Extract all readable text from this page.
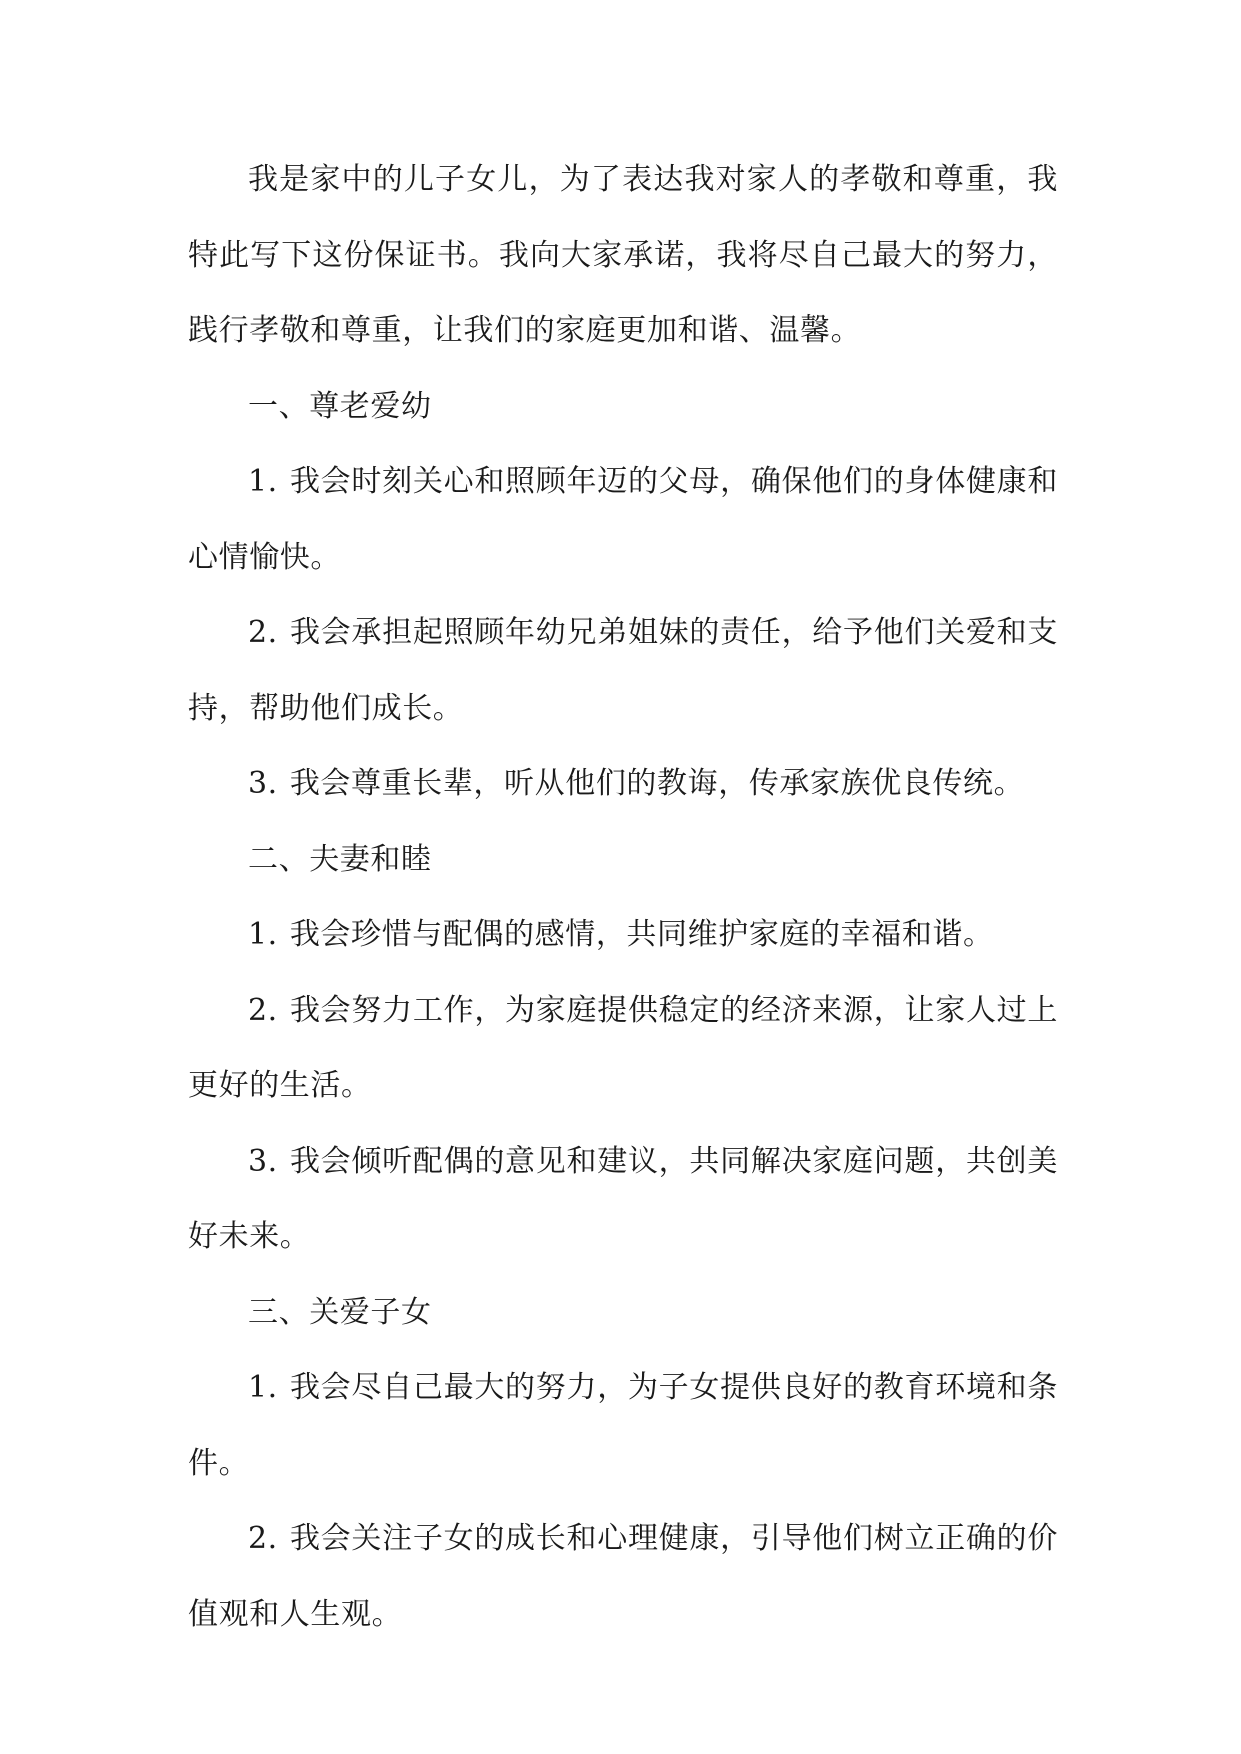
我是家中的儿子女儿，为了表达我对家人的孝敬和尊重，我特此写下这份保证书。我向大家承诺，我将尽自己最大的努力，践行孝敬和尊重，让我们的家庭更加和谐、温馨。

一、尊老爱幼

1. 我会时刻关心和照顾年迈的父母，确保他们的身体健康和心情愉快。

2. 我会承担起照顾年幼兄弟姐妹的责任，给予他们关爱和支持，帮助他们成长。

3. 我会尊重长辈，听从他们的教诲，传承家族优良传统。

二、夫妻和睦

1. 我会珍惜与配偶的感情，共同维护家庭的幸福和谐。

2. 我会努力工作，为家庭提供稳定的经济来源，让家人过上更好的生活。

3. 我会倾听配偶的意见和建议，共同解决家庭问题，共创美好未来。

三、关爱子女

1. 我会尽自己最大的努力，为子女提供良好的教育环境和条件。

2. 我会关注子女的成长和心理健康，引导他们树立正确的价值观和人生观。
